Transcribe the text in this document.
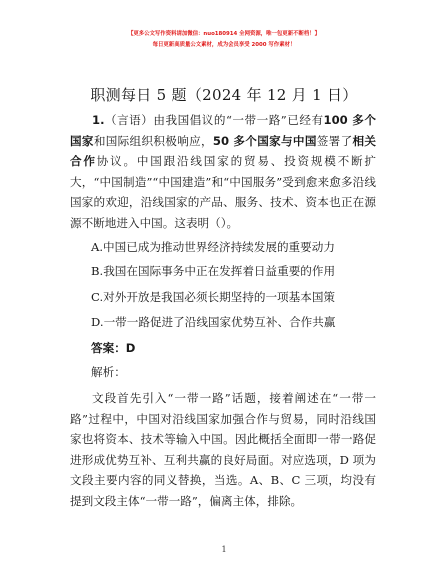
【更多公文写作资料请加微信：nuo180914 全网资源，唯一包更新不断档！】
每日更新高质量公文素材，成为会员享受 2000 写作素材！
职测每日 5 题（2024 年 12 月 1 日）
1.（言语）由我国倡议的“一带一路”已经有100 多个国家和国际组织积极响应，50 多个国家与中国签署了相关合作协议。中国跟沿线国家的贸易、投资规模不断扩大，“中国制造”“中国建造”和“中国服务”受到愈来愈多沿线国家的欢迎，沿线国家的产品、服务、技术、资本也正在源源不断地进入中国。这表明（）。
A.中国已成为推动世界经济持续发展的重要动力
B.我国在国际事务中正在发挥着日益重要的作用
C.对外开放是我国必须长期坚持的一项基本国策
D.一带一路促进了沿线国家优势互补、合作共赢
答案：D
解析：
文段首先引入“一带一路”话题，接着阐述在“一带一路”过程中，中国对沿线国家加强合作与贸易，同时沿线国家也将资本、技术等输入中国。因此概括全面即一带一路促进形成优势互补、互利共赢的良好局面。对应选项，D 项为文段主要内容的同义替换，当选。A、B、C 三项，均没有提到文段主体“一带一路”，偏离主体，排除。
1
